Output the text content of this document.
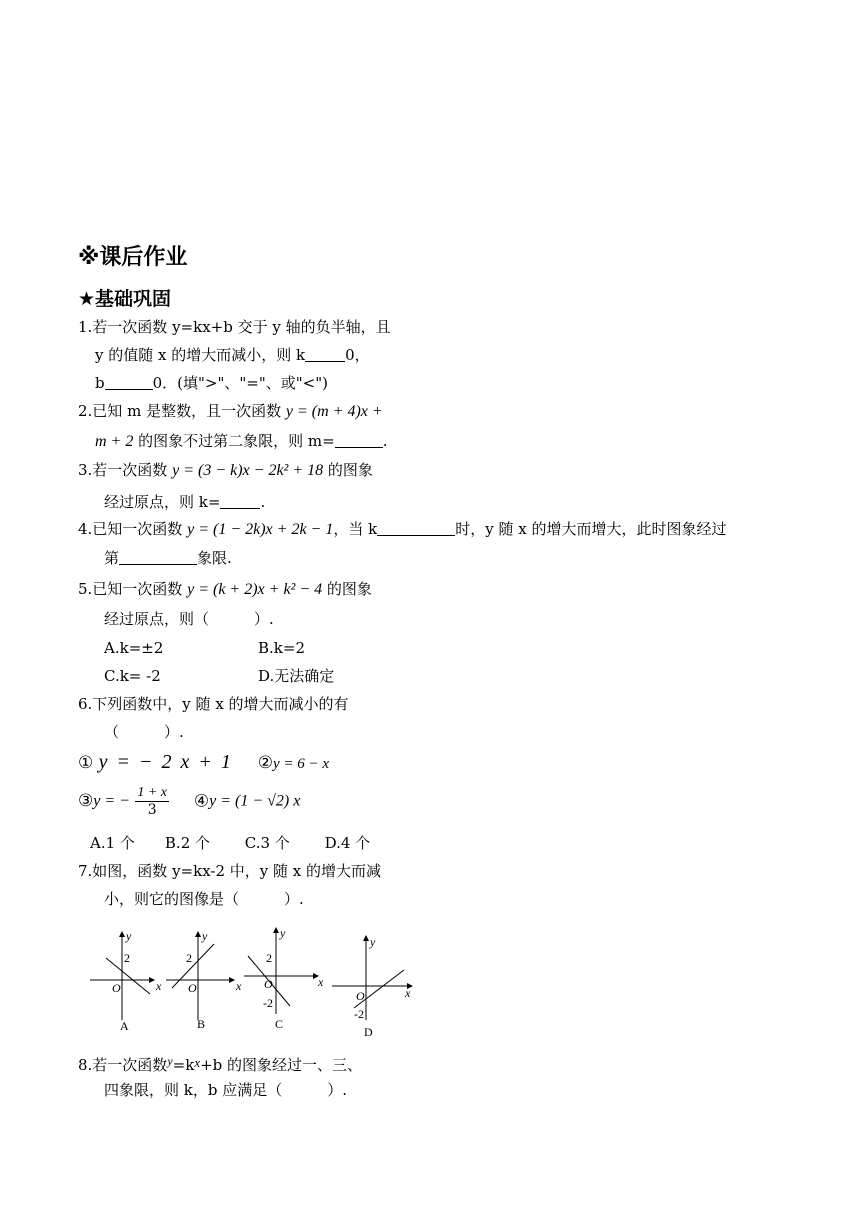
※课后作业
★基础巩固
1.若一次函数 y=kx+b 交于 y 轴的负半轴，且
y 的值随 x 的增大而减小，则 k	0，
b	0．(填">"、"="、或"<")
2.已知 m 是整数，且一次函数 y = (m + 4)x +
m + 2 的图象不过第二象限，则 m=	.
3.若一次函数 y = (3 − k)x − 2k² + 18 的图象
经过原点，则 k=	.
4.已知一次函数 y = (1 − 2k)x + 2k − 1，当 k	时，y 随 x 的增大而增大，此时图象经过
第	象限.
5.已知一次函数 y = (k + 2)x + k² − 4 的图象
经过原点，则（　　　）.
A.k=±2	B.k=2
C.k= -2	D.无法确定
6.下列函数中，y 随 x 的增大而减小的有
（　　　）.
① y = − 2 x + 1 ②y = 6 − x
③y = − $\frac{1 + x}{3}$ ④y = (1 − √2) x
A.1 个　　B.2 个　　 C.3 个　　 D.4 个
7.如图，函数 y=kx-2 中，y 随 x 的增大而减
小，则它的图像是（　　　）.
y
x
O
2
A
y
x
O
2
B
y
x
O
2
-2
C
y
x
O
-2
D
8.若一次函数$^y$=kx+b 的图象经过一、三、
四象限，则 k，b 应满足（　　　）.
